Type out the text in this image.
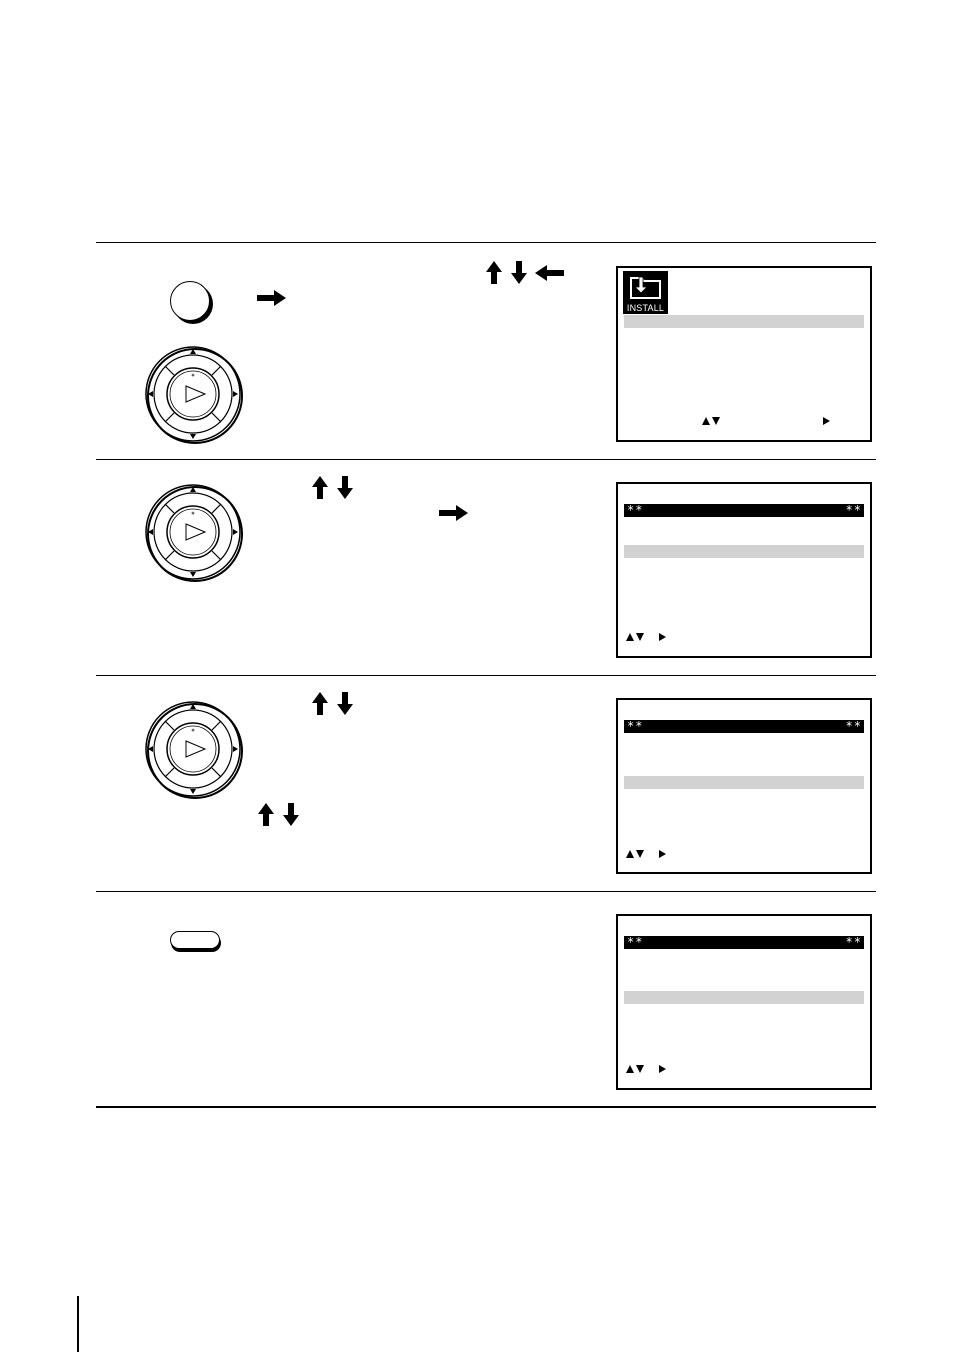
INSTALL
**	**
**	**
**	**
